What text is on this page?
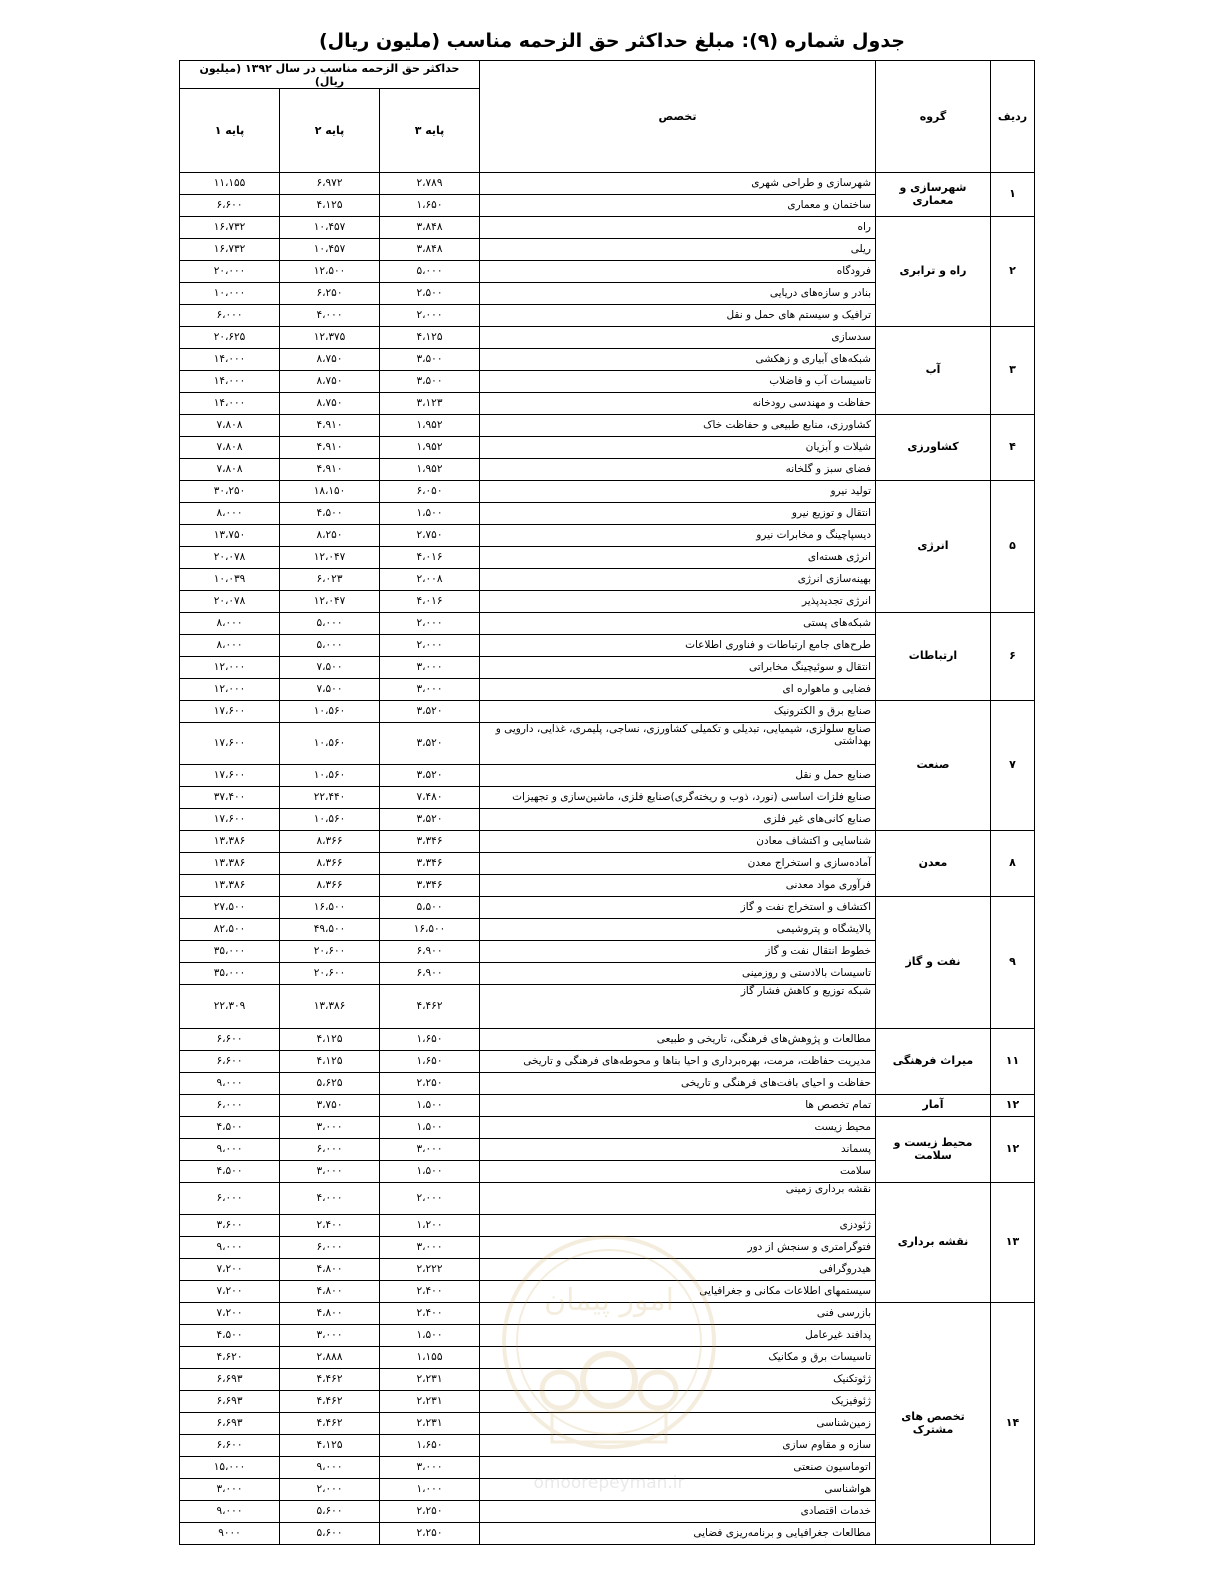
جدول شماره (۹): مبلغ حداکثر حق الزحمه مناسب (ملیون ریال)
ردیف	گروه	تخصص	حداکثر حق الزحمه مناسب در سال ۱۳۹۲ (میلیون ریال)		
			پایه ۳	پایه ۲	پایه ۱
۱	شهرسازی و معماری	شهرسازی و طراحی شهری	۲،۷۸۹	۶،۹۷۲	۱۱،۱۵۵
		ساختمان و معماری	۱،۶۵۰	۴،۱۲۵	۶،۶۰۰
۲	راه و ترابری	راه	۳،۸۴۸	۱۰،۴۵۷	۱۶،۷۳۲
		ریلی	۳،۸۴۸	۱۰،۴۵۷	۱۶،۷۳۲
		فرودگاه	۵،۰۰۰	۱۲،۵۰۰	۲۰،۰۰۰
		بنادر و سازه‌های دریایی	۲،۵۰۰	۶،۲۵۰	۱۰،۰۰۰
		ترافیک و سیستم های حمل و نقل	۲،۰۰۰	۴،۰۰۰	۶،۰۰۰
۳	آب	سدسازی	۴،۱۲۵	۱۲،۳۷۵	۲۰،۶۲۵
		شبکه‌های آبیاری و زهکشی	۳،۵۰۰	۸،۷۵۰	۱۴،۰۰۰
		تاسیسات آب و فاضلاب	۳،۵۰۰	۸،۷۵۰	۱۴،۰۰۰
		حفاظت و مهندسی رودخانه	۳،۱۲۳	۸،۷۵۰	۱۴،۰۰۰
۴	کشاورزی	کشاورزی، منابع طبیعی و حفاظت خاک	۱،۹۵۲	۴،۹۱۰	۷،۸۰۸
		شیلات و آبزیان	۱،۹۵۲	۴،۹۱۰	۷،۸۰۸
		فضای سبز و گلخانه	۱،۹۵۲	۴،۹۱۰	۷،۸۰۸
۵	انرژی	تولید نیرو	۶،۰۵۰	۱۸،۱۵۰	۳۰،۲۵۰
		انتقال و توزیع نیرو	۱،۵۰۰	۴،۵۰۰	۸،۰۰۰
		دیسپاچینگ و مخابرات نیرو	۲،۷۵۰	۸،۲۵۰	۱۳،۷۵۰
		انرژی هسته‌ای	۴،۰۱۶	۱۲،۰۴۷	۲۰،۰۷۸
		بهینه‌سازی انرژی	۲،۰۰۸	۶،۰۲۳	۱۰،۰۳۹
		انرژی تجدیدپذیر	۴،۰۱۶	۱۲،۰۴۷	۲۰،۰۷۸
۶	ارتباطات	شبکه‌های پستی	۲،۰۰۰	۵،۰۰۰	۸،۰۰۰
		طرح‌های جامع ارتباطات و فناوری اطلاعات	۲،۰۰۰	۵،۰۰۰	۸،۰۰۰
		انتقال و سوئیچینگ مخابراتی	۳،۰۰۰	۷،۵۰۰	۱۲،۰۰۰
		فضایی و ماهواره ای	۳،۰۰۰	۷،۵۰۰	۱۲،۰۰۰
۷	صنعت	صنایع برق و الکترونیک	۳،۵۲۰	۱۰،۵۶۰	۱۷،۶۰۰
		صنایع سلولزی، شیمیایی، تبدیلی و تکمیلی کشاورزی، نساجی، پلیمری، غذایی، دارویی و بهداشتی	۳،۵۲۰	۱۰،۵۶۰	۱۷،۶۰۰
		صنایع حمل و نقل	۳،۵۲۰	۱۰،۵۶۰	۱۷،۶۰۰
		صنایع فلزات اساسی (نورد، ذوب و ریخته‌گری)صنایع فلزی، ماشین‌سازی و تجهیزات	۷،۴۸۰	۲۲،۴۴۰	۳۷،۴۰۰
		صنایع کانی‌های غیر فلزی	۳،۵۲۰	۱۰،۵۶۰	۱۷،۶۰۰
۸	معدن	شناسایی و اکتشاف معادن	۳،۳۴۶	۸،۳۶۶	۱۳،۳۸۶
		آماده‌سازی و استخراج معدن	۳،۳۴۶	۸،۳۶۶	۱۳،۳۸۶
		فرآوری مواد معدنی	۳،۳۴۶	۸،۳۶۶	۱۳،۳۸۶
۹	نفت و گاز	اکتشاف و استخراج نفت و گاز	۵،۵۰۰	۱۶،۵۰۰	۲۷،۵۰۰
		پالایشگاه و پتروشیمی	۱۶،۵۰۰	۴۹،۵۰۰	۸۲،۵۰۰
		خطوط انتقال نفت و گاز	۶،۹۰۰	۲۰،۶۰۰	۳۵،۰۰۰
		تاسیسات بالادستی و روزمینی	۶،۹۰۰	۲۰،۶۰۰	۳۵،۰۰۰
		شبکه توزیع و کاهش فشار گاز	۴،۴۶۲	۱۳،۳۸۶	۲۲،۳۰۹
۱۱	میراث فرهنگی	مطالعات و پژوهش‌های فرهنگی، تاریخی و طبیعی	۱،۶۵۰	۴،۱۲۵	۶،۶۰۰
		مدیریت حفاظت، مرمت، بهره‌برداری و احیا بناها و محوطه‌های فرهنگی و تاریخی	۱،۶۵۰	۴،۱۲۵	۶،۶۰۰
		حفاظت و احیای بافت‌های فرهنگی و تاریخی	۲،۲۵۰	۵،۶۲۵	۹،۰۰۰
۱۲	آمار	تمام تخصص ها	۱،۵۰۰	۳،۷۵۰	۶،۰۰۰
۱۲	محیط زیست و سلامت	محیط زیست	۱،۵۰۰	۳،۰۰۰	۴،۵۰۰
		پسماند	۳،۰۰۰	۶،۰۰۰	۹،۰۰۰
		سلامت	۱،۵۰۰	۳،۰۰۰	۴،۵۰۰
۱۳	نقشه برداری	نقشه برداری زمینی	۲،۰۰۰	۴،۰۰۰	۶،۰۰۰
		ژئودزی	۱،۲۰۰	۲،۴۰۰	۳،۶۰۰
		فتوگرامتری و سنجش از دور	۳،۰۰۰	۶،۰۰۰	۹،۰۰۰
		هیدروگرافی	۲،۲۲۲	۴،۸۰۰	۷،۲۰۰
		سیستمهای اطلاعات مکانی و جغرافیایی	۲،۴۰۰	۴،۸۰۰	۷،۲۰۰
۱۴	تخصص های مشترک	بازرسی فنی	۲،۴۰۰	۴،۸۰۰	۷،۲۰۰
		پدافند غیرعامل	۱،۵۰۰	۳،۰۰۰	۴،۵۰۰
		تاسیسات برق و مکانیک	۱،۱۵۵	۲،۸۸۸	۴،۶۲۰
		ژئوتکنیک	۲،۲۳۱	۴،۴۶۲	۶،۶۹۳
		ژئوفیزیک	۲،۲۳۱	۴،۴۶۲	۶،۶۹۳
		زمین‌شناسی	۲،۲۳۱	۴،۴۶۲	۶،۶۹۳
		سازه و مقاوم سازی	۱،۶۵۰	۴،۱۲۵	۶،۶۰۰
		اتوماسیون صنعتی	۳،۰۰۰	۹،۰۰۰	۱۵،۰۰۰
		هواشناسی	۱،۰۰۰	۲،۰۰۰	۳،۰۰۰
		خدمات اقتصادی	۲،۲۵۰	۵،۶۰۰	۹،۰۰۰
		مطالعات جغرافیایی و برنامه‌ریزی فضایی	۲،۲۵۰	۵،۶۰۰	۹۰۰۰
امور پیمان
omoorepeyman.ir
